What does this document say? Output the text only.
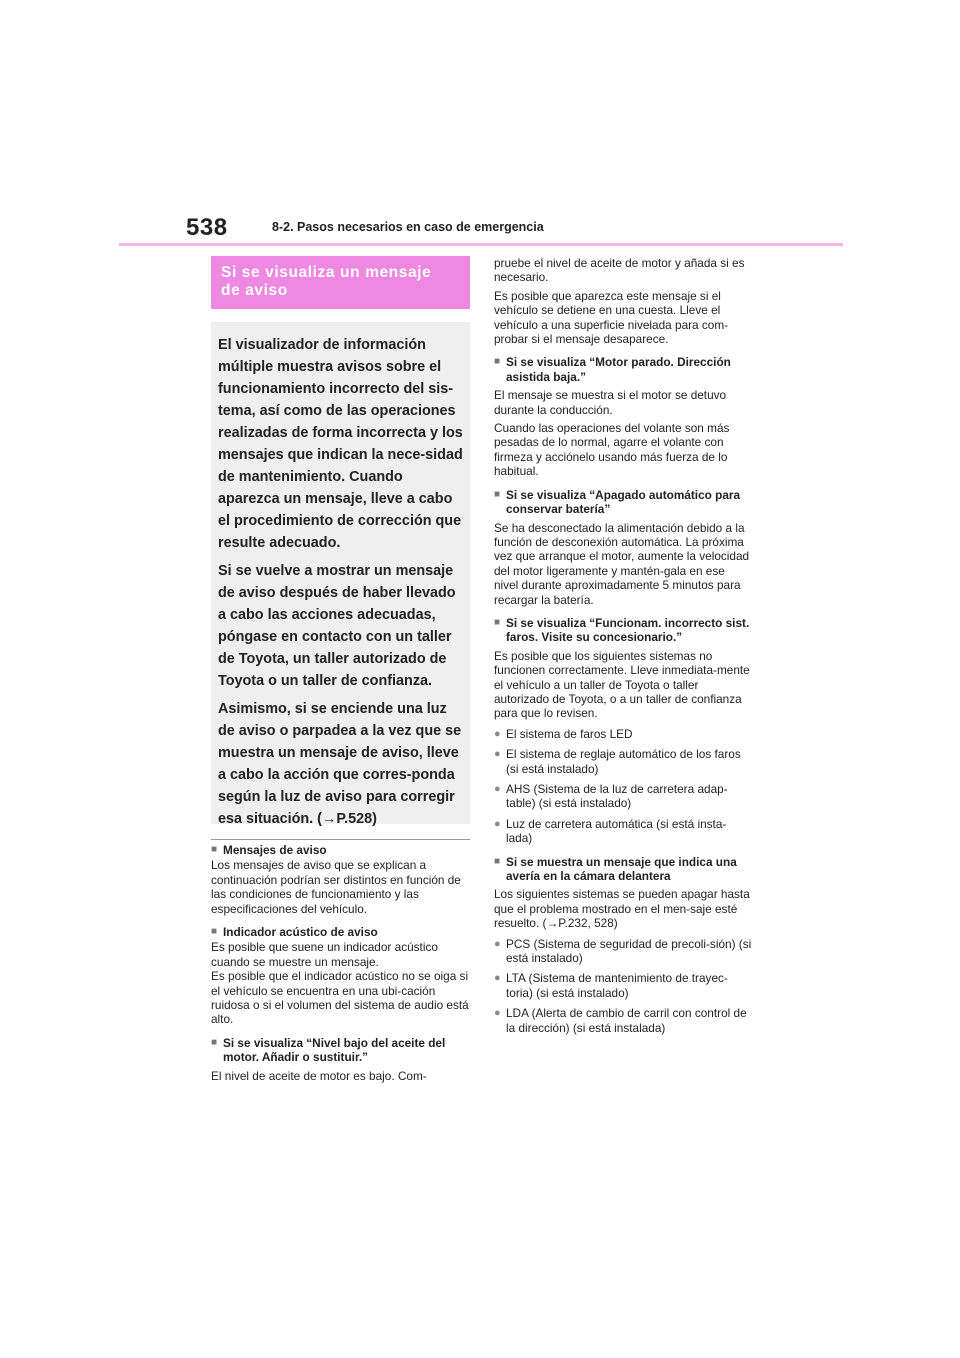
538	8-2. Pasos necesarios en caso de emergencia
Si se visualiza un mensaje
de aviso

El visualizador de información múltiple muestra avisos sobre el funcionamiento incorrecto del sis-tema, así como de las operaciones realizadas de forma incorrecta y los mensajes que indican la nece-sidad de mantenimiento. Cuando aparezca un mensaje, lleve a cabo el procedimiento de corrección que resulte adecuado.

Si se vuelve a mostrar un mensaje de aviso después de haber llevado a cabo las acciones adecuadas, póngase en contacto con un taller de Toyota, un taller autorizado de Toyota o un taller de confianza.

Asimismo, si se enciende una luz de aviso o parpadea a la vez que se muestra un mensaje de aviso, lleve a cabo la acción que corres-ponda según la luz de aviso para corregir esa situación. (→P.528)

■ Mensajes de aviso
Los mensajes de aviso que se explican a continuación podrían ser distintos en función de las condiciones de funcionamiento y las especificaciones del vehículo.
■ Indicador acústico de aviso
Es posible que suene un indicador acústico cuando se muestre un mensaje.
Es posible que el indicador acústico no se oiga si el vehículo se encuentra en una ubi-cación ruidosa o si el volumen del sistema de audio está alto.
■ Si se visualiza “Nivel bajo del aceite del motor. Añadir o sustituir.”
El nivel de aceite de motor es bajo. Com-
pruebe el nivel de aceite de motor y añada si es necesario.
Es posible que aparezca este mensaje si el vehículo se detiene en una cuesta. Lleve el vehículo a una superficie nivelada para com-probar si el mensaje desaparece.
■ Si se visualiza “Motor parado. Dirección asistida baja.”
El mensaje se muestra si el motor se detuvo durante la conducción.
Cuando las operaciones del volante son más pesadas de lo normal, agarre el volante con firmeza y acciónelo usando más fuerza de lo habitual.
■ Si se visualiza “Apagado automático para conservar batería”
Se ha desconectado la alimentación debido a la función de desconexión automática. La próxima vez que arranque el motor, aumente la velocidad del motor ligeramente y mantén-gala en ese nivel durante aproximadamente 5 minutos para recargar la batería.
■ Si se visualiza “Funcionam. incorrecto sist. faros. Visite su concesionario.”
Es posible que los siguientes sistemas no funcionen correctamente. Lleve inmediata-mente el vehículo a un taller de Toyota o taller autorizado de Toyota, o a un taller de confianza para que lo revisen.
● El sistema de faros LED
● El sistema de reglaje automático de los faros (si está instalado)
● AHS (Sistema de la luz de carretera adap-table) (si está instalado)
● Luz de carretera automática (si está insta-lada)
■ Si se muestra un mensaje que indica una avería en la cámara delantera
Los siguientes sistemas se pueden apagar hasta que el problema mostrado en el men-saje esté resuelto. (→P.232, 528)
● PCS (Sistema de seguridad de precoli-sión) (si está instalado)
● LTA (Sistema de mantenimiento de trayec-toria) (si está instalado)
● LDA (Alerta de cambio de carril con control de la dirección) (si está instalada)
